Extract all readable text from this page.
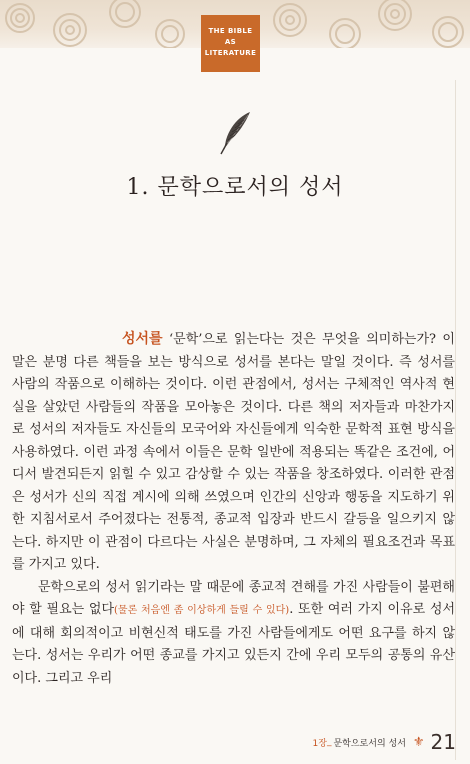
THE BIBLE
AS
LITERATURE
1. 문학으로서의 성서

성서를 ‘문학’으로 읽는다는 것은 무엇을 의미하는가? 이 말은 분명 다른 책들을 보는 방식으로 성서를 본다는 말일 것이다. 즉 성서를 사람의 작품으로 이해하는 것이다. 이런 관점에서, 성서는 구체적인 역사적 현실을 살았던 사람들의 작품을 모아놓은 것이다. 다른 책의 저자들과 마찬가지로 성서의 저자들도 자신들의 모국어와 자신들에게 익숙한 문학적 표현 방식을 사용하였다. 이런 과정 속에서 이들은 문학 일반에 적용되는 똑같은 조건에, 어디서 발견되든지 읽힐 수 있고 감상할 수 있는 작품을 창조하였다. 이러한 관점은 성서가 신의 직접 계시에 의해 쓰였으며 인간의 신앙과 행동을 지도하기 위한 지침서로서 주어졌다는 전통적, 종교적 입장과 반드시 갈등을 일으키지 않는다. 하지만 이 관점이 다르다는 사실은 분명하며, 그 자체의 필요조건과 목표를 가지고 있다.

문학으로의 성서 읽기라는 말 때문에 종교적 견해를 가진 사람들이 불편해야 할 필요는 없다(물론 처음엔 좀 이상하게 들릴 수 있다). 또한 여러 가지 이유로 성서에 대해 회의적이고 비현신적 태도를 가진 사람들에게도 어떤 요구를 하지 않는다. 성서는 우리가 어떤 종교를 가지고 있든지 간에 우리 모두의 공통의 유산이다. 그리고 우리

1장 _ 문학으로서의 성서 ⚜ 21
